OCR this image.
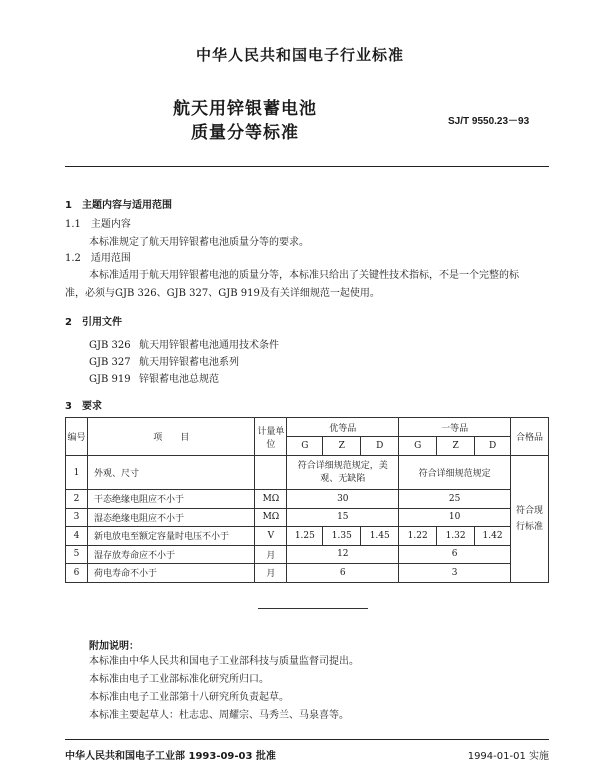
中华人民共和国电子行业标准
航天用锌银蓄电池
质量分等标准
SJ/T 9550.23－93
1　主题内容与适用范围
1.1　主题内容
本标准规定了航天用锌银蓄电池质量分等的要求。
1.2　适用范围
本标准适用于航天用锌银蓄电池的质量分等，本标准只给出了关键性技术指标，不是一个完整的标
准，必须与GJB 326、GJB 327、GJB 919及有关详细规范一起使用。
2　引用文件
GJB 326 航天用锌银蓄电池通用技术条件
GJB 327 航天用锌银蓄电池系列
GJB 919 锌银蓄电池总规范
3　要求
编号	项　　目	计量单位	优等品			一等品			合格品
			G	Z	D	G	Z	D	
1	外观、尺寸		符合详细规范规定，美观、无缺陷			符合详细规范规定			符合现行标准
2	干态绝缘电阻应不小于	MΩ	30			25			
3	湿态绝缘电阻应不小于	MΩ	15			10			
4	新电放电至额定容量时电压不小于	V	1.25	1.35	1.45	1.22	1.32	1.42	
5	湿存放寿命应不小于	月	12			6			
6	荷电寿命不小于	月	6			3			
附加说明：
本标准由中华人民共和国电子工业部科技与质量监督司提出。
本标准由电子工业部标准化研究所归口。
本标准由电子工业部第十八研究所负责起草。
本标准主要起草人：杜志忠、周耀宗、马秀兰、马泉喜等。
中华人民共和国电子工业部 1993-09-03 批准	1994-01-01 实施
